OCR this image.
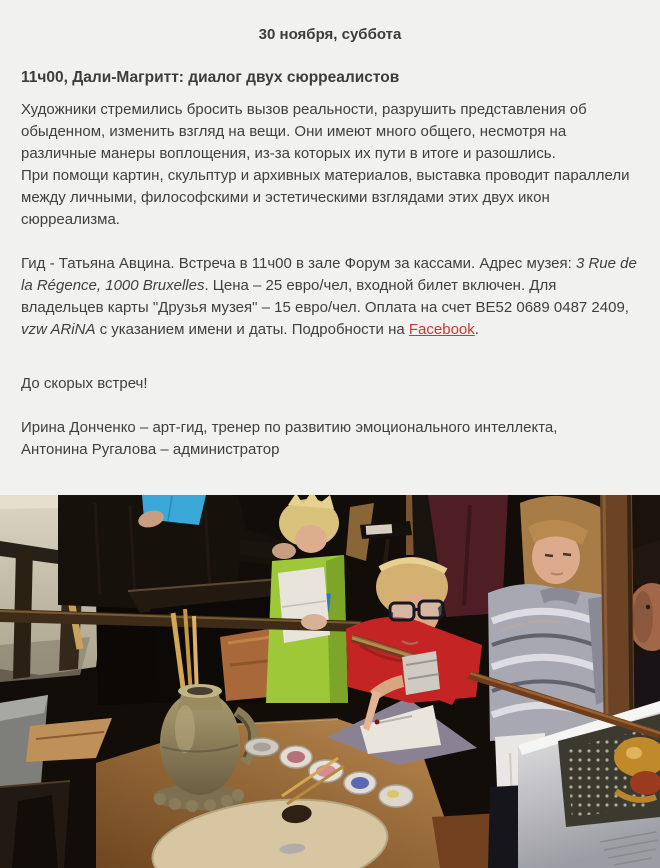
30 ноября, суббота
11ч00, Дали-Магритт: диалог двух сюрреалистов

Художники стремились бросить вызов реальности, разрушить представления об обыденном, изменить взгляд на вещи. Они имеют много общего, несмотря на различные манеры воплощения, из-за которых их пути в итоге и разошлись.

При помощи картин, скульптур и архивных материалов, выставка проводит параллели между личными, философскими и эстетическими взглядами этих двух икон сюрреализма.

Гид - Татьяна Авцина. Встреча в 11ч00 в зале Форум за кассами. Адрес музея: 3 Rue de la Régence, 1000 Bruxelles. Цена – 25 евро/чел, входной билет включен. Для владельцев карты "Друзья музея" – 15 евро/чел. Оплата на счет BE52 0689 0487 2409, vzw ARiNA с указанием имени и даты. Подробности на Facebook.
До скорых встреч!
Ирина Донченко – арт-гид, тренер по развитию эмоционального интеллекта,
Антонина Ругалова – администратор
